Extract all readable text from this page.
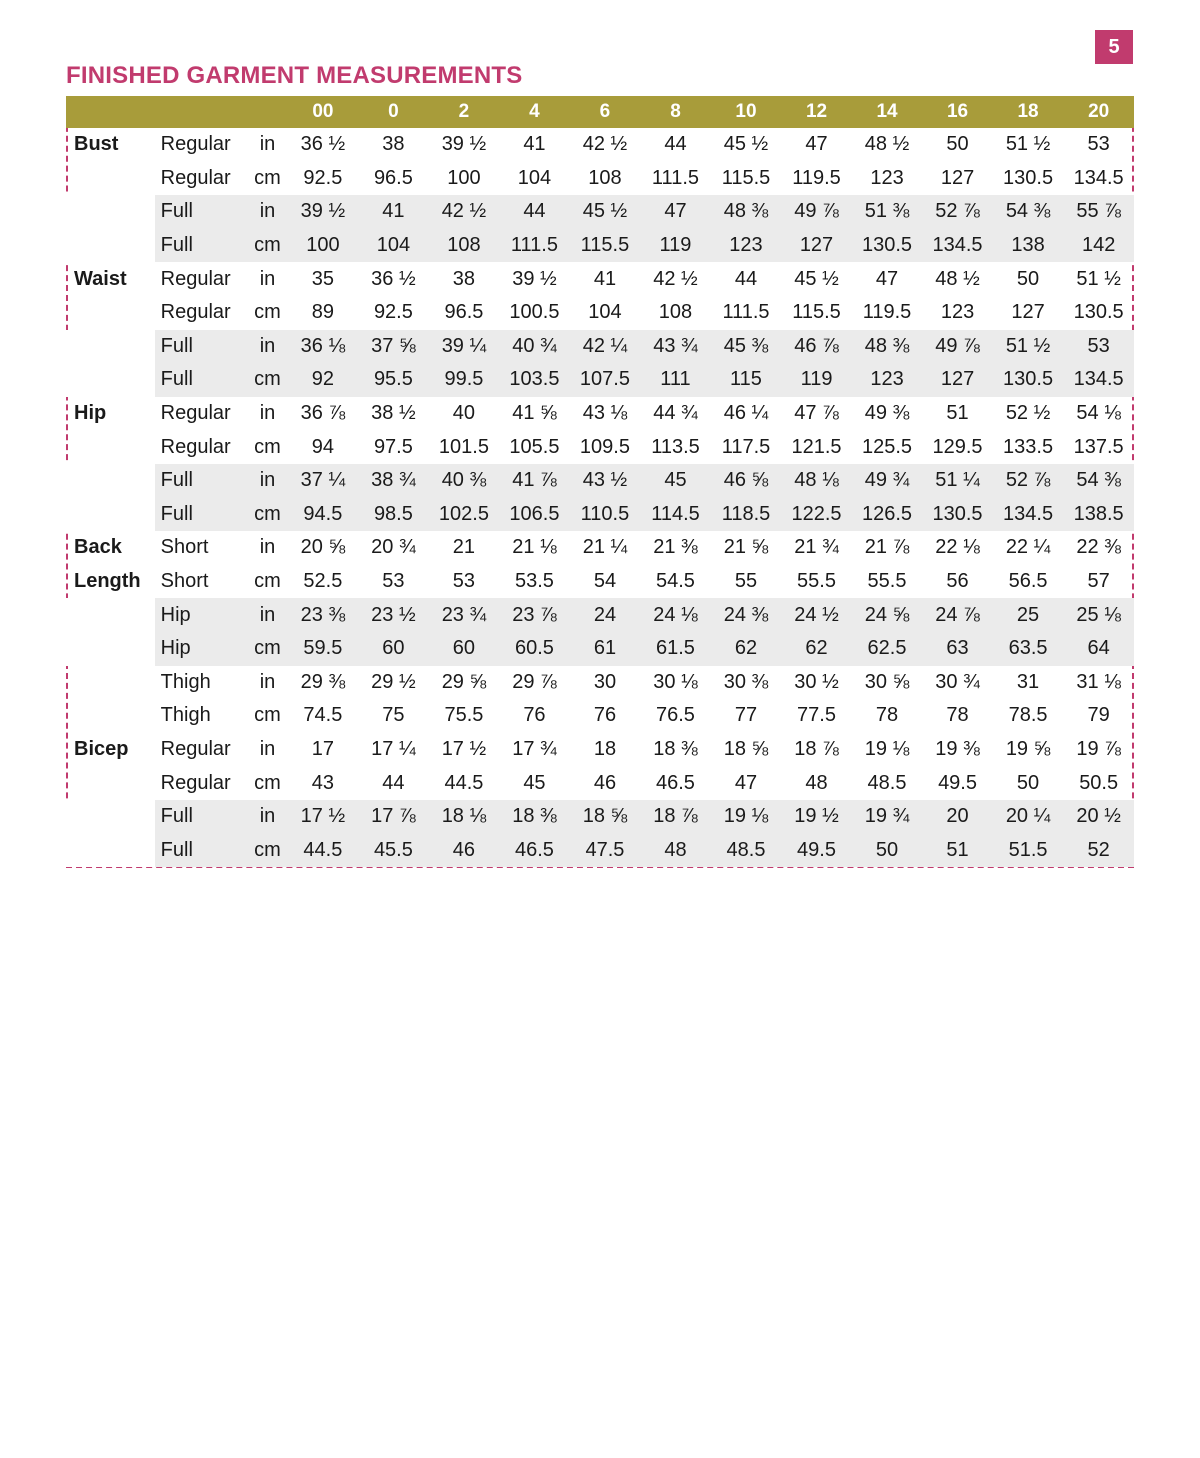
5
FINISHED GARMENT MEASUREMENTS
			00	0	2	4	6	8	10	12	14	16	18	20
Bust	Regular	in	36 ½	38	39 ½	41	42 ½	44	45 ½	47	48 ½	50	51 ½	53
	Regular	cm	92.5	96.5	100	104	108	111.5	115.5	119.5	123	127	130.5	134.5
	Full	in	39 ½	41	42 ½	44	45 ½	47	48 ⅜	49 ⅞	51 ⅜	52 ⅞	54 ⅜	55 ⅞
	Full	cm	100	104	108	111.5	115.5	119	123	127	130.5	134.5	138	142
Waist	Regular	in	35	36 ½	38	39 ½	41	42 ½	44	45 ½	47	48 ½	50	51 ½
	Regular	cm	89	92.5	96.5	100.5	104	108	111.5	115.5	119.5	123	127	130.5
	Full	in	36 ⅛	37 ⅝	39 ¼	40 ¾	42 ¼	43 ¾	45 ⅜	46 ⅞	48 ⅜	49 ⅞	51 ½	53
	Full	cm	92	95.5	99.5	103.5	107.5	111	115	119	123	127	130.5	134.5
Hip	Regular	in	36 ⅞	38 ½	40	41 ⅝	43 ⅛	44 ¾	46 ¼	47 ⅞	49 ⅜	51	52 ½	54 ⅛
	Regular	cm	94	97.5	101.5	105.5	109.5	113.5	117.5	121.5	125.5	129.5	133.5	137.5
	Full	in	37 ¼	38 ¾	40 ⅜	41 ⅞	43 ½	45	46 ⅝	48 ⅛	49 ¾	51 ¼	52 ⅞	54 ⅜
	Full	cm	94.5	98.5	102.5	106.5	110.5	114.5	118.5	122.5	126.5	130.5	134.5	138.5
Back	Short	in	20 ⅝	20 ¾	21	21 ⅛	21 ¼	21 ⅜	21 ⅝	21 ¾	21 ⅞	22 ⅛	22 ¼	22 ⅜
Length	Short	cm	52.5	53	53	53.5	54	54.5	55	55.5	55.5	56	56.5	57
	Hip	in	23 ⅜	23 ½	23 ¾	23 ⅞	24	24 ⅛	24 ⅜	24 ½	24 ⅝	24 ⅞	25	25 ⅛
	Hip	cm	59.5	60	60	60.5	61	61.5	62	62	62.5	63	63.5	64
	Thigh	in	29 ⅜	29 ½	29 ⅝	29 ⅞	30	30 ⅛	30 ⅜	30 ½	30 ⅝	30 ¾	31	31 ⅛
	Thigh	cm	74.5	75	75.5	76	76	76.5	77	77.5	78	78	78.5	79
Bicep	Regular	in	17	17 ¼	17 ½	17 ¾	18	18 ⅜	18 ⅝	18 ⅞	19 ⅛	19 ⅜	19 ⅝	19 ⅞
	Regular	cm	43	44	44.5	45	46	46.5	47	48	48.5	49.5	50	50.5
	Full	in	17 ½	17 ⅞	18 ⅛	18 ⅜	18 ⅝	18 ⅞	19 ⅛	19 ½	19 ¾	20	20 ¼	20 ½
	Full	cm	44.5	45.5	46	46.5	47.5	48	48.5	49.5	50	51	51.5	52
